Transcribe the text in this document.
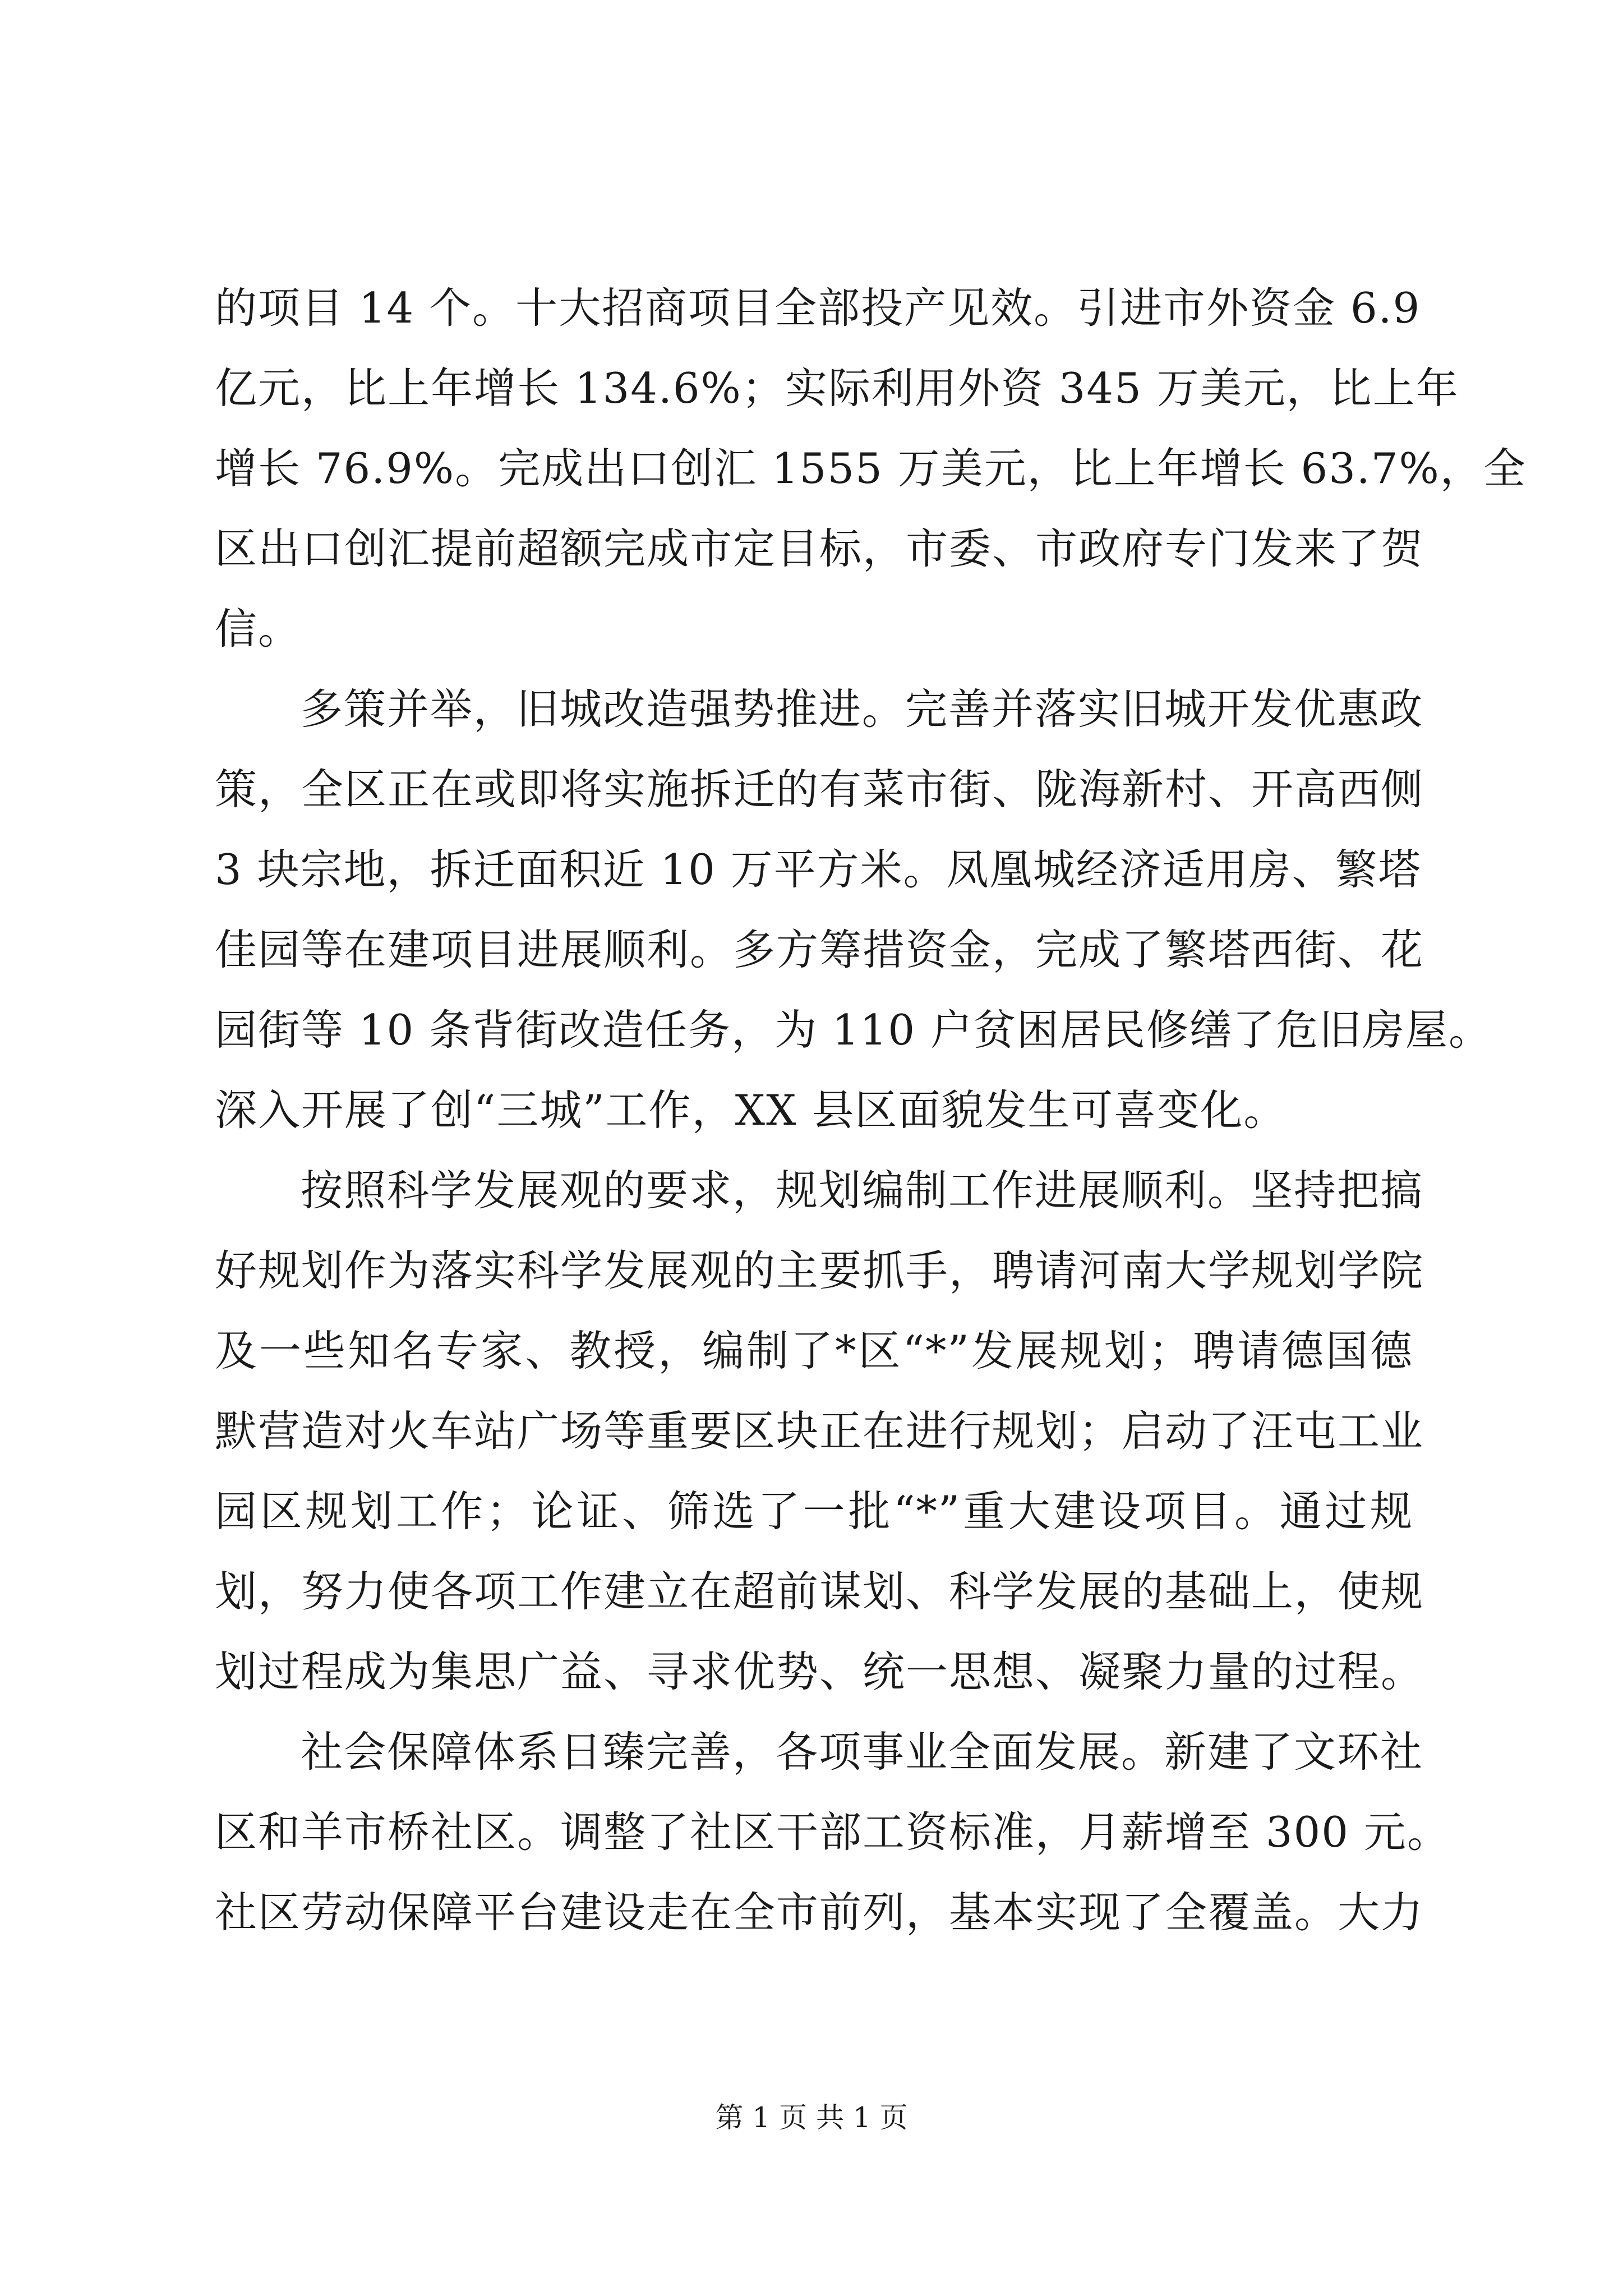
的项目 14 个。十大招商项目全部投产见效。引进市外资金 6.9
亿元，比上年增长 134.6%；实际利用外资 345 万美元，比上年
增长 76.9%。完成出口创汇 1555 万美元，比上年增长 63.7%，全
区出口创汇提前超额完成市定目标，市委、市政府专门发来了贺
信。
多策并举，旧城改造强势推进。完善并落实旧城开发优惠政
策，全区正在或即将实施拆迁的有菜市街、陇海新村、开高西侧
3 块宗地，拆迁面积近 10 万平方米。凤凰城经济适用房、繁塔
佳园等在建项目进展顺利。多方筹措资金，完成了繁塔西街、花
园街等 10 条背街改造任务，为 110 户贫困居民修缮了危旧房屋。
深入开展了创“三城”工作，XX 县区面貌发生可喜变化。
按照科学发展观的要求，规划编制工作进展顺利。坚持把搞
好规划作为落实科学发展观的主要抓手，聘请河南大学规划学院
及一些知名专家、教授，编制了*区“*”发展规划；聘请德国德
默营造对火车站广场等重要区块正在进行规划；启动了汪屯工业
园区规划工作；论证、筛选了一批“*”重大建设项目。通过规
划，努力使各项工作建立在超前谋划、科学发展的基础上，使规
划过程成为集思广益、寻求优势、统一思想、凝聚力量的过程。
社会保障体系日臻完善，各项事业全面发展。新建了文环社
区和羊市桥社区。调整了社区干部工资标准，月薪增至 300 元。
社区劳动保障平台建设走在全市前列，基本实现了全覆盖。大力
第 1 页 共 1 页
